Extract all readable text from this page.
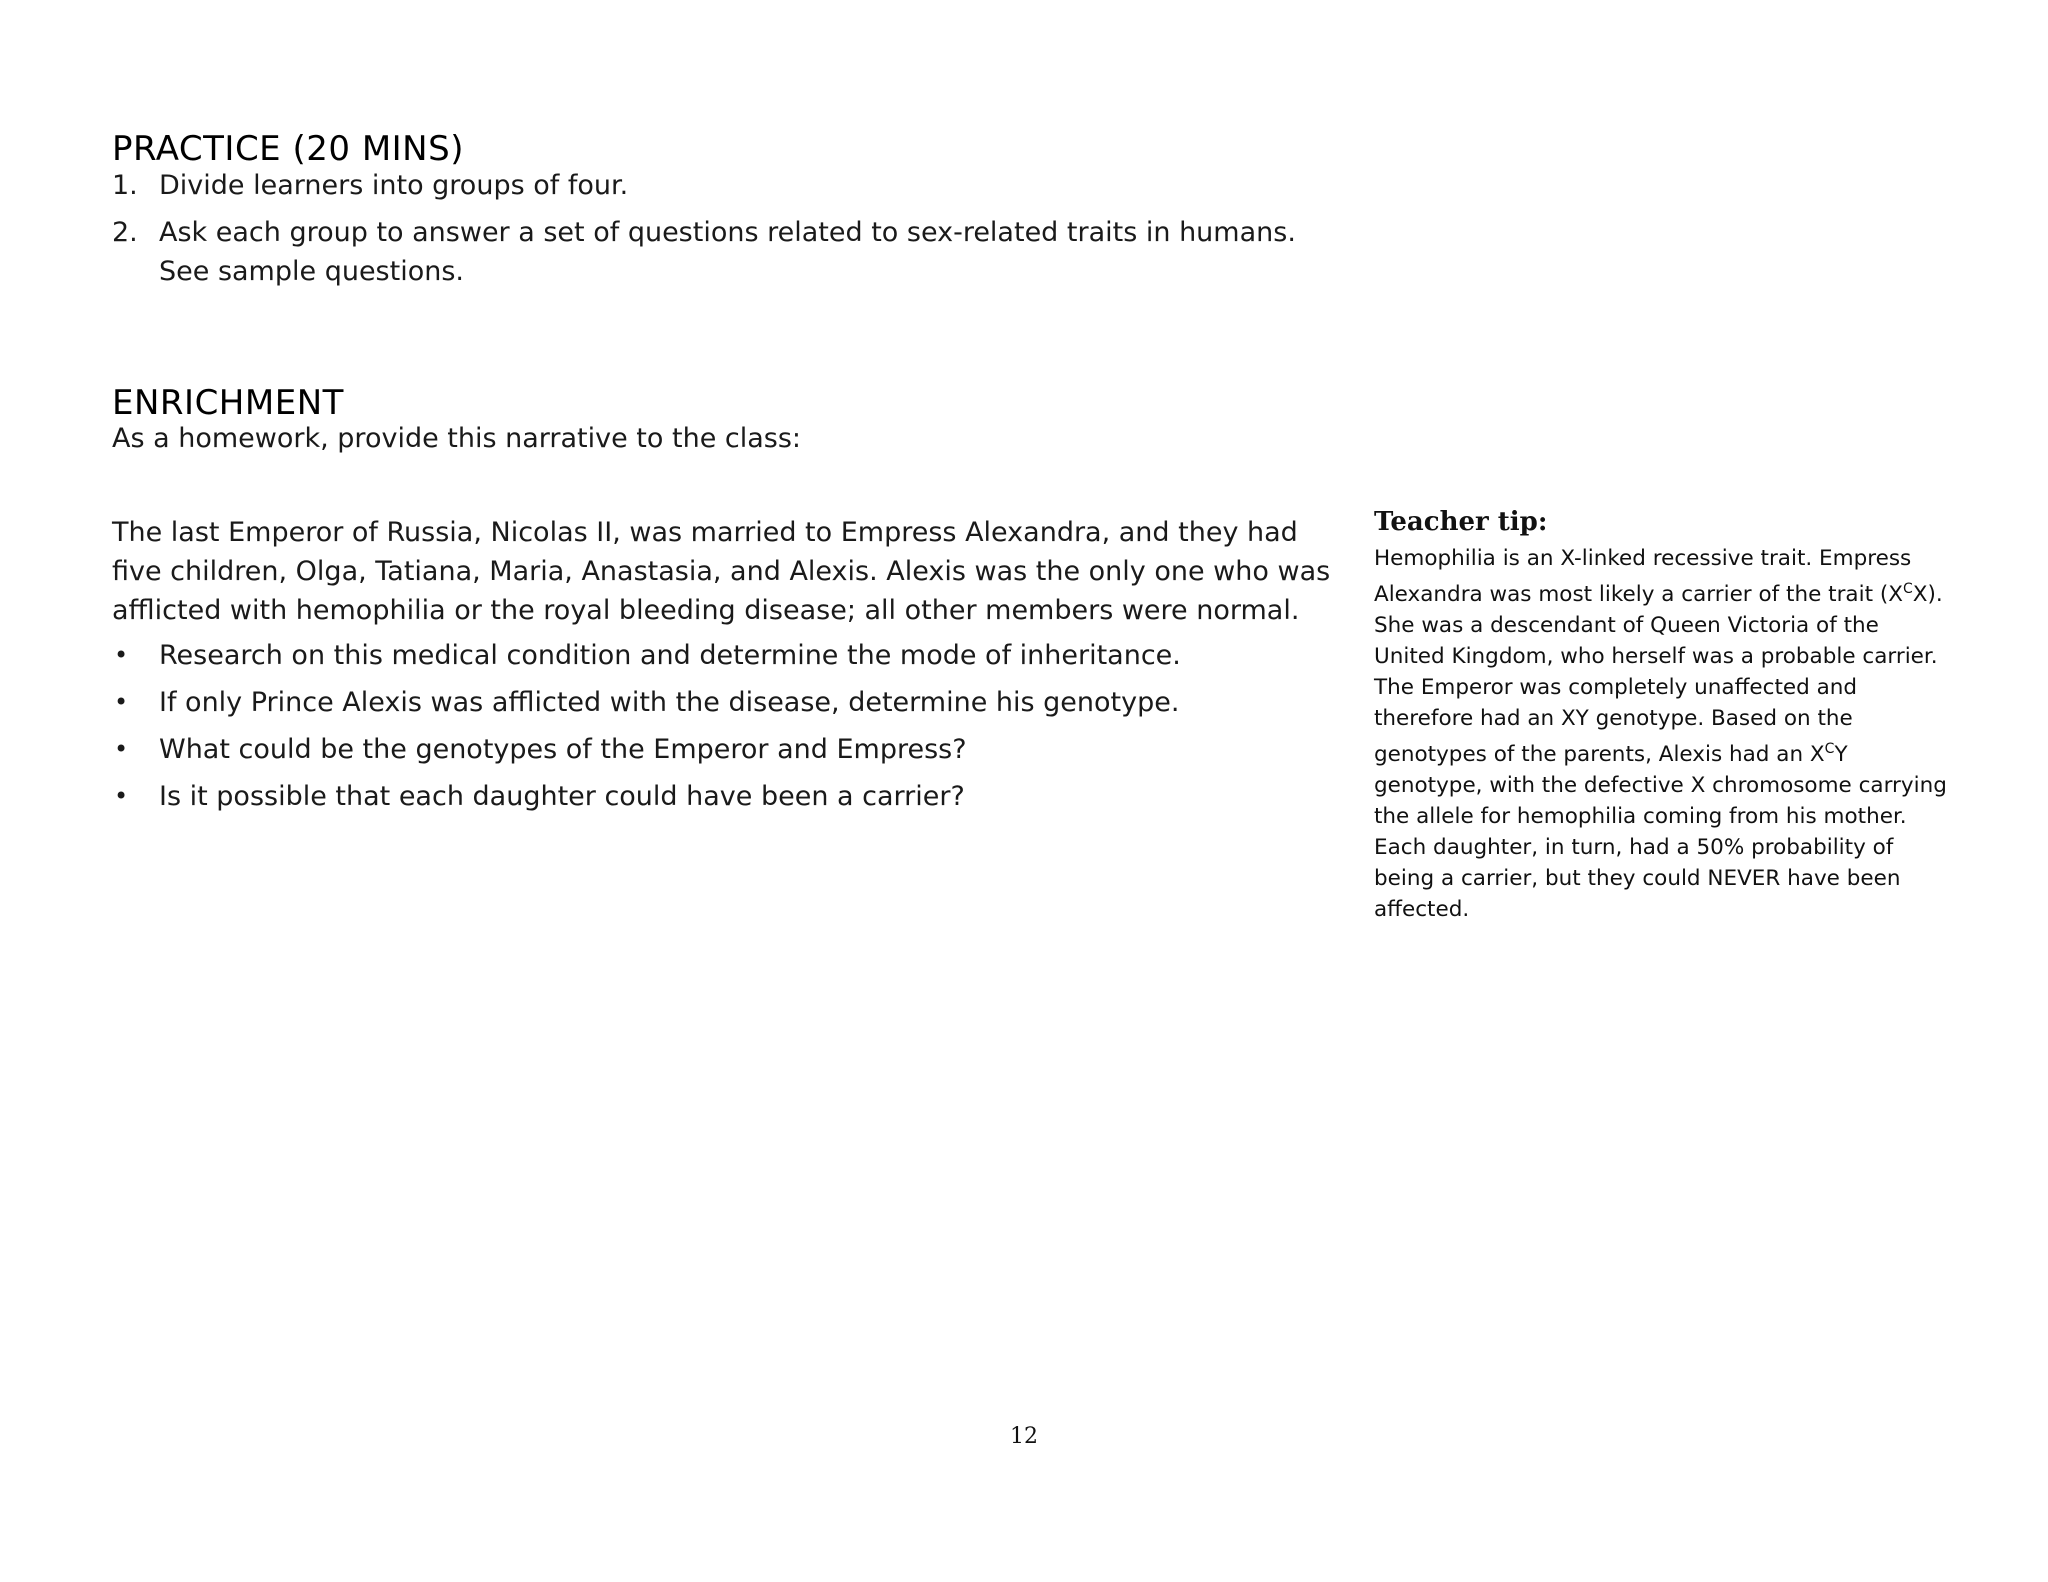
PRACTICE (20 MINS)
1. Divide learners into groups of four.
2. Ask each group to answer a set of questions related to sex-related traits in humans. See sample questions.
ENRICHMENT

As a homework, provide this narrative to the class:

The last Emperor of Russia, Nicolas II, was married to Empress Alexandra, and they had five children, Olga, Tatiana, Maria, Anastasia, and Alexis. Alexis was the only one who was afflicted with hemophilia or the royal bleeding disease; all other members were normal.

• Research on this medical condition and determine the mode of inheritance.
• If only Prince Alexis was afflicted with the disease, determine his genotype.
• What could be the genotypes of the Emperor and Empress?
• Is it possible that each daughter could have been a carrier?

Teacher tip:

Hemophilia is an X-linked recessive trait. Empress Alexandra was most likely a carrier of the trait $(X^CX)$. She was a descendant of Queen Victoria of the United Kingdom, who herself was a probable carrier. The Emperor was completely unaffected and therefore had an XY genotype. Based on the genotypes of the parents, Alexis had an $X^CY$ genotype, with the defective X chromosome carrying the allele for hemophilia coming from his mother. Each daughter, in turn, had a 50% probability of being a carrier, but they could NEVER have been affected.

12
